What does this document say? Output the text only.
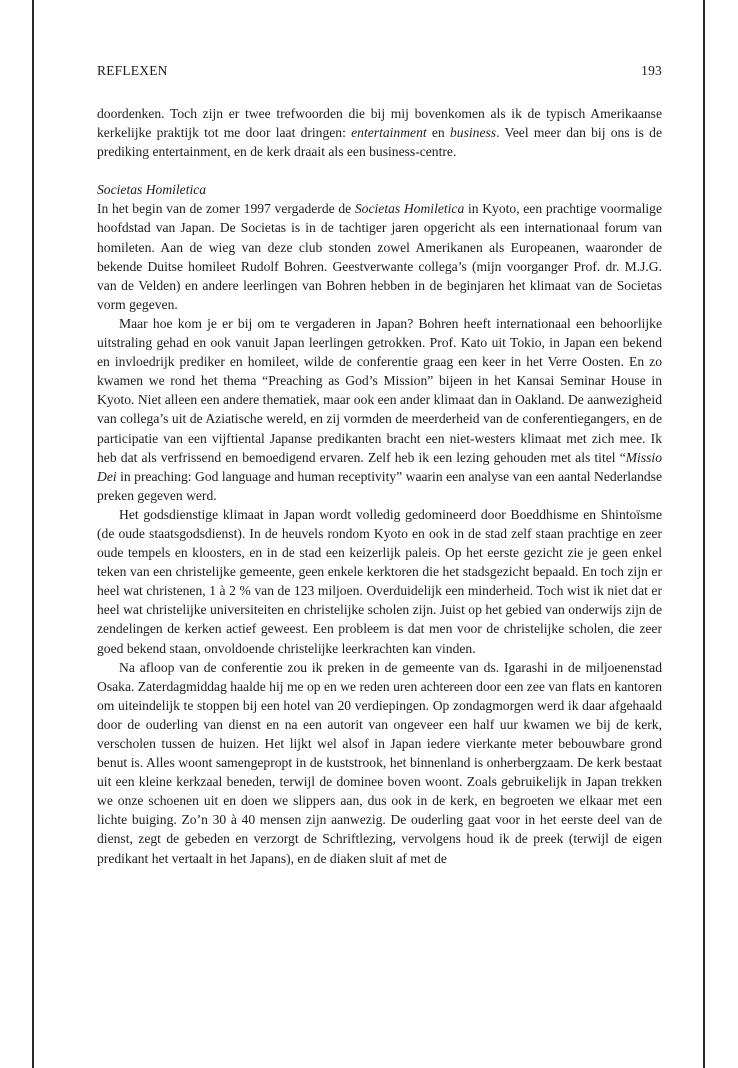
REFLEXEN	193

doordenken. Toch zijn er twee trefwoorden die bij mij bovenkomen als ik de typisch Amerikaanse kerkelijke praktijk tot me door laat dringen: entertainment en business. Veel meer dan bij ons is de prediking entertainment, en de kerk draait als een business-centre.

Societas Homiletica

In het begin van de zomer 1997 vergaderde de Societas Homiletica in Kyoto, een prachtige voormalige hoofdstad van Japan. De Societas is in de tachtiger jaren opgericht als een internationaal forum van homileten. Aan de wieg van deze club stonden zowel Amerikanen als Europeanen, waaronder de bekende Duitse homileet Rudolf Bohren. Geestverwante collega’s (mijn voorganger Prof. dr. M.J.G. van de Velden) en andere leerlingen van Bohren hebben in de beginjaren het klimaat van de Societas vorm gegeven.

Maar hoe kom je er bij om te vergaderen in Japan? Bohren heeft internationaal een behoorlijke uitstraling gehad en ook vanuit Japan leerlingen getrokken. Prof. Kato uit Tokio, in Japan een bekend en invloedrijk prediker en homileet, wilde de conferentie graag een keer in het Verre Oosten. En zo kwamen we rond het thema “Preaching as God’s Mission” bijeen in het Kansai Seminar House in Kyoto. Niet alleen een andere thematiek, maar ook een ander klimaat dan in Oakland. De aanwezigheid van collega’s uit de Aziatische wereld, en zij vormden de meerderheid van de conferentiegangers, en de participatie van een vijftiental Japanse predikanten bracht een niet-westers klimaat met zich mee. Ik heb dat als verfrissend en bemoedigend ervaren. Zelf heb ik een lezing gehouden met als titel “Missio Dei in preaching: God language and human receptivity” waarin een analyse van een aantal Nederlandse preken gegeven werd.

Het godsdienstige klimaat in Japan wordt volledig gedomineerd door Boeddhisme en Shintoïsme (de oude staatsgodsdienst). In de heuvels rondom Kyoto en ook in de stad zelf staan prachtige en zeer oude tempels en kloosters, en in de stad een keizerlijk paleis. Op het eerste gezicht zie je geen enkel teken van een christelijke gemeente, geen enkele kerktoren die het stadsgezicht bepaald. En toch zijn er heel wat christenen, 1 à 2 % van de 123 miljoen. Overduidelijk een minderheid. Toch wist ik niet dat er heel wat christelijke universiteiten en christelijke scholen zijn. Juist op het gebied van onderwijs zijn de zendelingen de kerken actief geweest. Een probleem is dat men voor de christelijke scholen, die zeer goed bekend staan, onvoldoende christelijke leerkrachten kan vinden.

Na afloop van de conferentie zou ik preken in de gemeente van ds. Igarashi in de miljoenenstad Osaka. Zaterdagmiddag haalde hij me op en we reden uren achtereen door een zee van flats en kantoren om uiteindelijk te stoppen bij een hotel van 20 verdiepingen. Op zondagmorgen werd ik daar afgehaald door de ouderling van dienst en na een autorit van ongeveer een half uur kwamen we bij de kerk, verscholen tussen de huizen. Het lijkt wel alsof in Japan iedere vierkante meter bebouwbare grond benut is. Alles woont samengepropt in de kuststrook, het binnenland is onherbergzaam. De kerk bestaat uit een kleine kerkzaal beneden, terwijl de dominee boven woont. Zoals gebruikelijk in Japan trekken we onze schoenen uit en doen we slippers aan, dus ook in de kerk, en begroeten we elkaar met een lichte buiging. Zo’n 30 à 40 mensen zijn aanwezig. De ouderling gaat voor in het eerste deel van de dienst, zegt de gebeden en verzorgt de Schriftlezing, vervolgens houd ik de preek (terwijl de eigen predikant het vertaalt in het Japans), en de diaken sluit af met de
